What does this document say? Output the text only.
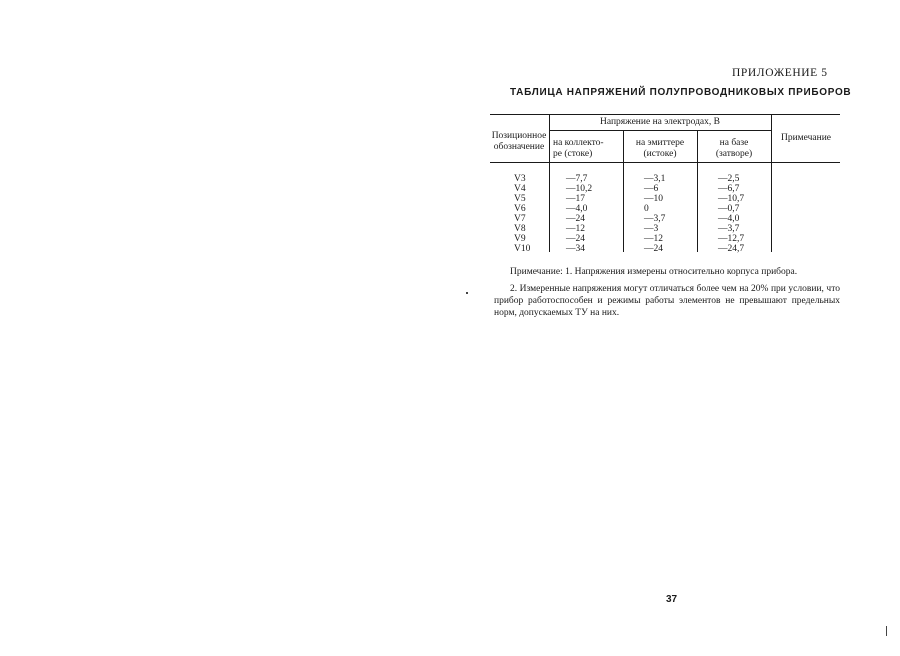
ПРИЛОЖЕНИЕ 5
ТАБЛИЦА НАПРЯЖЕНИЙ ПОЛУПРОВОДНИКОВЫХ ПРИБОРОВ
Позиционное
обозначение
Напряжение на электродах, В
на коллекто-
ре (стоке)
на эмиттере
(истоке)
на базе
(затворе)
Примечание
V3
V4
V5
V6
V7
V8
V9
V10
—7,7
—10,2
—17
—4,0
—24
—12
—24
—34
—3,1
—6
—10
0
—3,7
—3
—12
—24
—2,5
—6,7
—10,7
—0,7
—4,0
—3,7
—12,7
—24,7
Примечание: 1. Напряжения измерены относительно корпуса прибора.
2. Измеренные напряжения могут отличаться более чем на 20% при условии, что прибор работоспособен и режимы работы элементов не превышают предельных норм, допускаемых ТУ на них.
37
